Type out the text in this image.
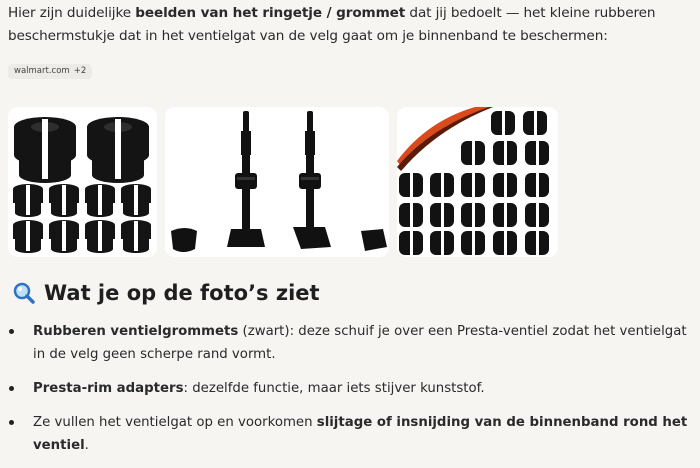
Hier zijn duidelijke beelden van het ringetje / grommet dat jij bedoelt — het kleine rubberen beschermstukje dat in het ventielgat van de velg gaat om je binnenband te beschermen:
walmart.com +2
Wat je op de foto’s ziet
Rubberen ventielgrommets (zwart): deze schuif je over een Presta-ventiel zodat het ventielgat in de velg geen scherpe rand vormt.
Presta-rim adapters: dezelfde functie, maar iets stijver kunststof.
Ze vullen het ventielgat op en voorkomen slijtage of insnijding van de binnenband rond het ventiel.
